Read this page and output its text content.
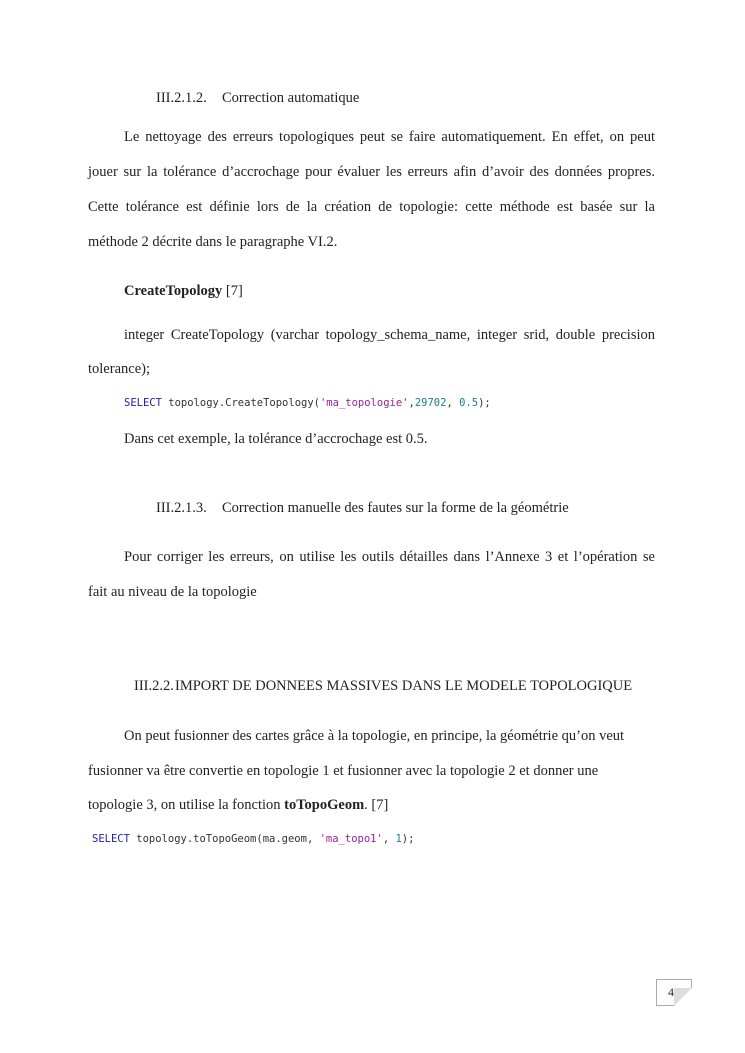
III.2.1.2. Correction automatique
Le nettoyage des erreurs topologiques peut se faire automatiquement. En effet, on peut
jouer sur la tolérance d’accrochage pour évaluer les erreurs afin d’avoir des données propres.
Cette tolérance est définie lors de la création de topologie: cette méthode est basée sur la
méthode 2 décrite dans le paragraphe VI.2.
CreateTopology [7]
integer CreateTopology (varchar topology_schema_name, integer srid, double precision
tolerance);
SELECT topology.CreateTopology('ma_topologie',29702, 0.5);
Dans cet exemple, la tolérance d’accrochage est 0.5.
III.2.1.3. Correction manuelle des fautes sur la forme de la géométrie
Pour corriger les erreurs, on utilise les outils détailles dans l’Annexe 3 et l’opération se
fait au niveau de la topologie
III.2.2.IMPORT DE DONNEES MASSIVES DANS LE MODELE TOPOLOGIQUE
On peut fusionner des cartes grâce à la topologie, en principe, la géométrie qu’on veut
fusionner va être convertie en topologie 1 et fusionner avec la topologie 2 et donner une
topologie 3, on utilise la fonction toTopoGeom. [7]
SELECT topology.toTopoGeom(ma.geom, 'ma_topo1', 1);
40
